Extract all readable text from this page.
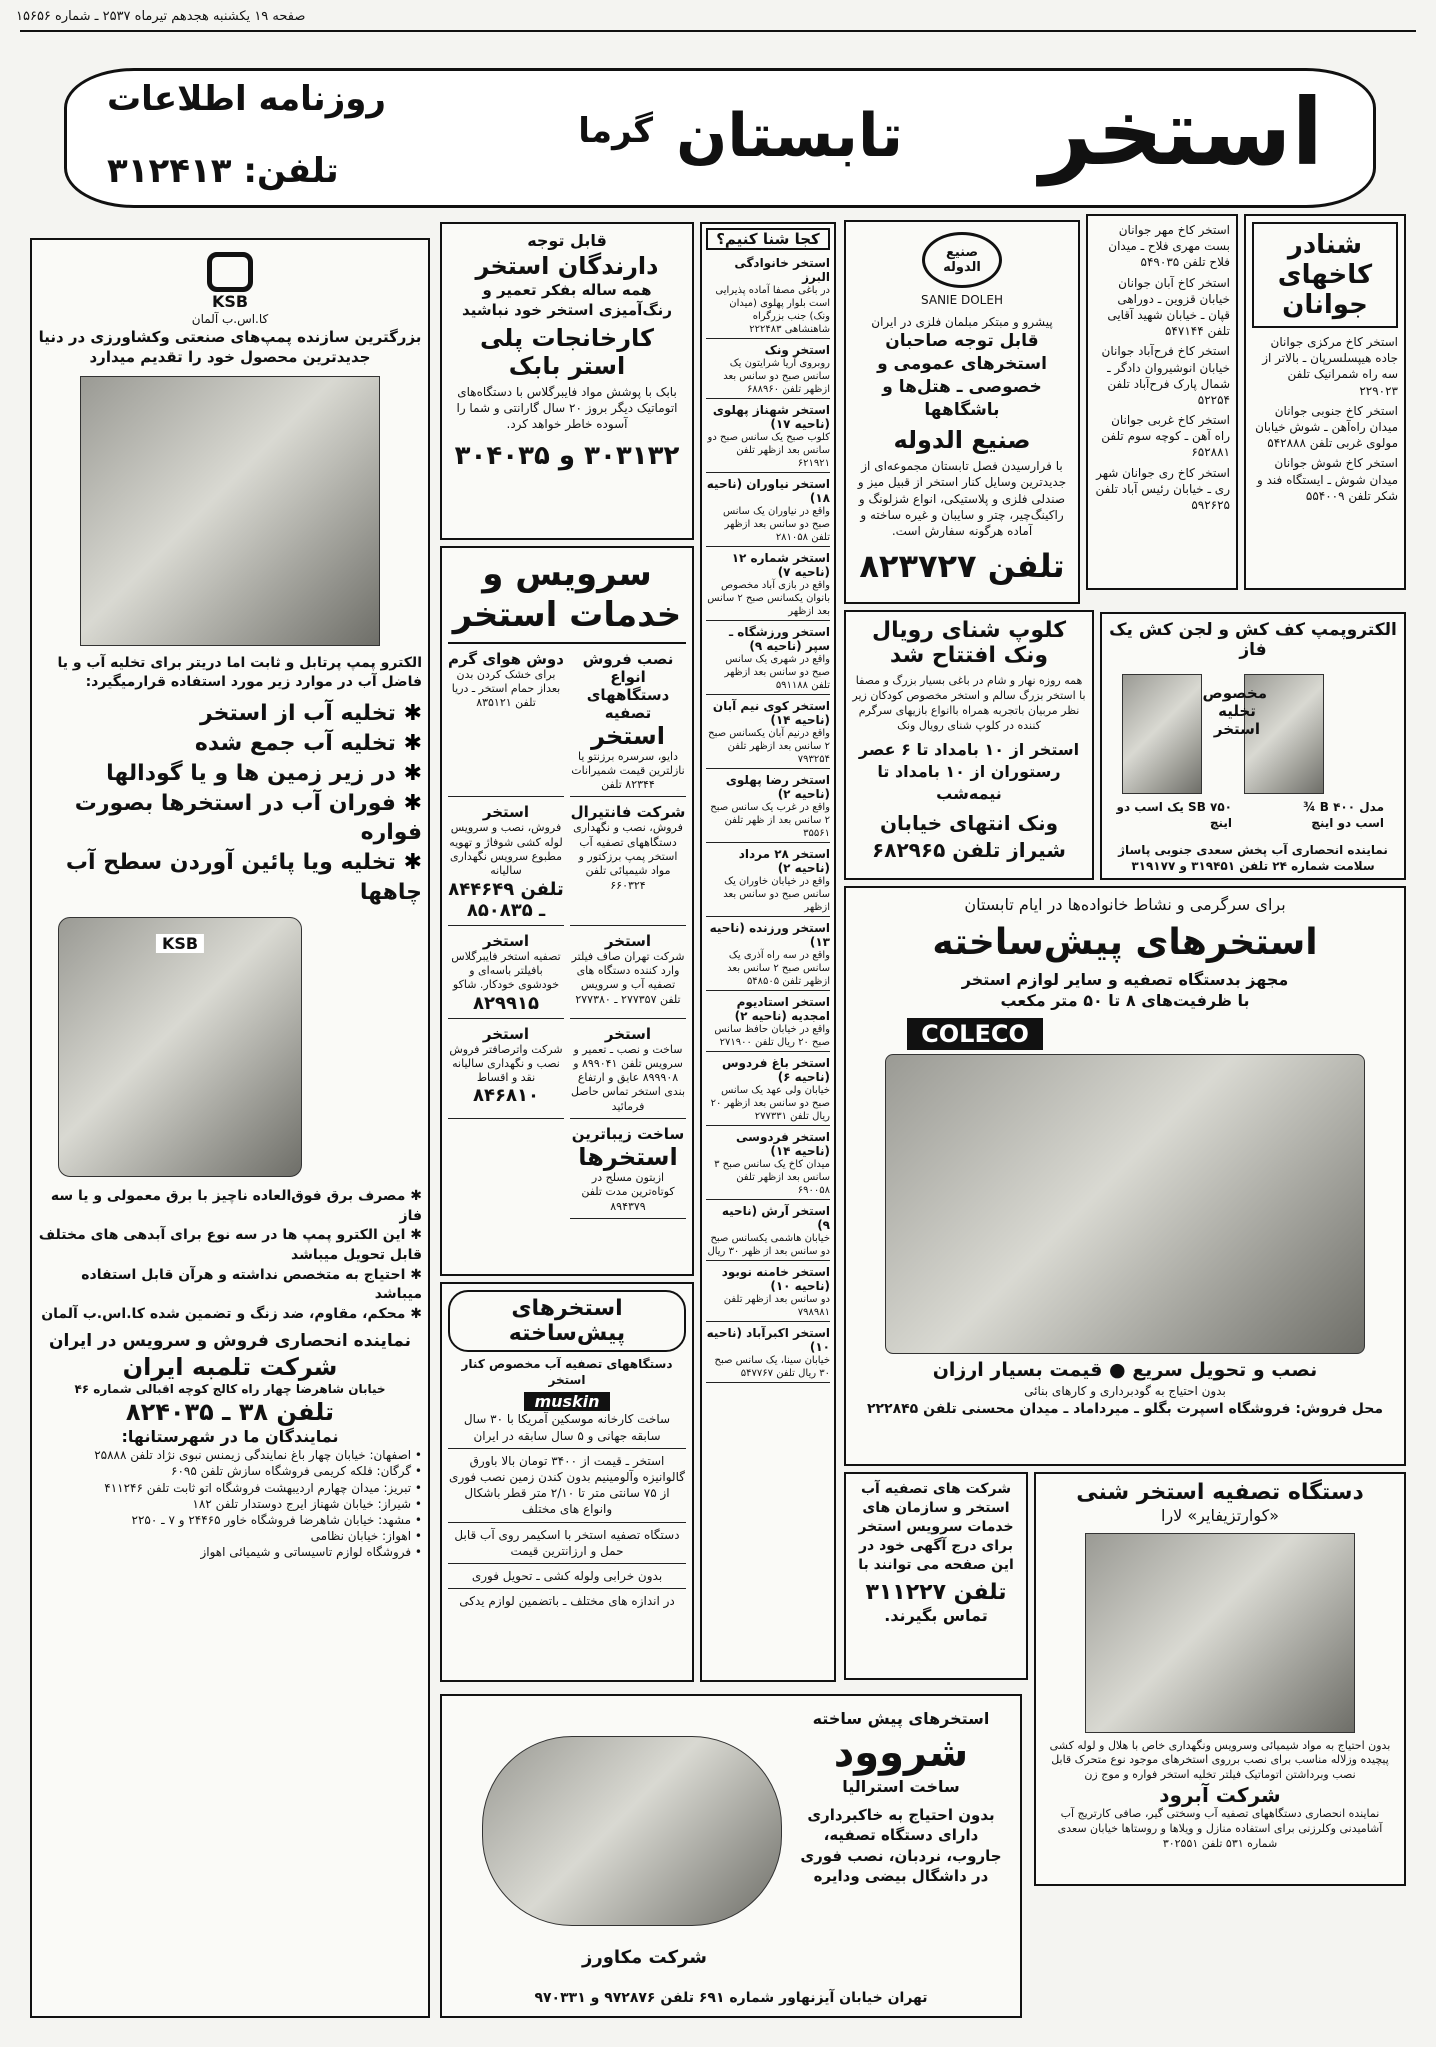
صفحه ۱۹ یکشنبه هجدهم تیرماه ۲۵۳۷ ـ شماره ۱۵۶۵۶
استخر
تابستان
گرما
روزنامه اطلاعات
تلفن: ۳۱۲۴۱۳
شنادر کاخهای جوانان
استخر کاخ مرکزی جوانان جاده هیپسلسرپان ـ بالاتر از سه راه شمرانیک تلفن ۲۲۹۰۲۳
استخر کاخ جنوبی جوانان میدان راه‌آهن ـ شوش خیابان مولوی غربی تلفن ۵۴۲۸۸۸
استخر کاخ شوش جوانان میدان شوش ـ ایستگاه فند و شکر تلفن ۵۵۴۰۰۹
استخر کاخ مهر جوانان بست مهری فلاح ـ میدان فلاح تلفن ۵۴۹۰۳۵
استخر کاخ آبان جوانان خیابان قزوین ـ دوراهی قپان ـ خیابان شهید آقایی تلفن ۵۴۷۱۴۴
استخر کاخ فرح‌آباد جوانان خیابان انوشیروان دادگر ـ شمال پارک فرح‌آباد تلفن ۵۲۲۵۴
استخر کاخ غربی جوانان راه آهن ـ کوچه سوم تلفن ۶۵۲۸۸۱
استخر کاخ ری جوانان شهر ری ـ خیابان رئیس آباد تلفن ۵۹۲۶۲۵
صنیع الدوله
SANIE DOLEH
پیشرو و مبتکر مبلمان فلزی در ایران
قابل توجه صاحبان استخرهای عمومی و خصوصی ـ هتل‌ها و باشگاهها
صنیع الدوله
با فرارسیدن فصل تابستان مجموعه‌ای از جدیدترین وسایل کنار استخر از قبیل میز و صندلی فلزی و پلاستیکی، انواع شزلونگ و راکینگ‌چیر، چتر و سایبان و غیره ساخته و آماده هرگونه سفارش است.
تلفن ۸۲۳۷۲۷
کلوپ شنای رویال ونک افتتاح شد
همه روزه نهار و شام در باغی بسیار بزرگ و مصفا با استخر بزرگ سالم و استخر مخصوص کودکان زیر نظر مربیان باتجربه همراه باانواع بازیهای سرگرم کننده در کلوپ شنای رویال ونک
استخر از ۱۰ بامداد تا ۶ عصر
رستوران از ۱۰ بامداد تا نیمه‌شب
ونک انتهای خیابان شیراز تلفن ۶۸۲۹۶۵
الکتروپمپ کف کش و لجن کش یک فاز
مخصوص تخلیه استخر
مدل ۴۰۰ B ¾ اسب دو اینچ
SB ۷۵۰ یک اسب دو اینچ
نماینده انحصاری آب پخش سعدی جنوبی پاساژ سلامت شماره ۲۴ تلفن ۳۱۹۴۵۱ و ۳۱۹۱۷۷
برای سرگرمی و نشاط خانواده‌ها در ایام تابستان
استخرهای پیش‌ساخته
مجهز بدستگاه تصفیه و سایر لوازم استخر
با ظرفیت‌های ۸ تا ۵۰ متر مکعب
COLECO
نصب و تحویل سریع ● قیمت بسیار ارزان
بدون احتیاج به گودبرداری و کارهای بنائی
محل فروش: فروشگاه اسپرت بگلو ـ میرداماد ـ میدان محسنی تلفن ۲۲۲۸۴۵
شرکت های تصفیه آب استخر و سازمان های خدمات سرویس استخر برای درج آگهی خود در این صفحه می توانند با
تلفن ۳۱۱۲۲۷
تماس بگیرند.
دستگاه تصفیه استخر شنی
«کوارتزیفایر» لارا
بدون احتیاج به مواد شیمیائی وسرویس ونگهداری خاص با هلال و لوله کشی پیچیده وزلاله مناسب برای نصب برروی استخرهای موجود نوع متحرک قابل نصب وبرداشتن اتوماتیک فیلتر تخلیه استخر فواره و موج زن
شرکت آبرود
نماینده انحصاری دستگاههای تصفیه آب وسختی گیر، صافی کارتریج آب آشامیدنی وکلرزنی برای استفاده منازل و ویلاها و روستاها خیابان سعدی شماره ۵۳۱ تلفن ۳۰۲۵۵۱
کجا شنا کنیم؟
استخر خانوادگی البرز
در باغی مصفا آماده پذیرایی است بلوار پهلوی (میدان ونک) جنب بزرگراه شاهنشاهی ۲۲۲۴۸۳
استخر ونک
روبروی آریا شرایتون یک سانس صبح دو سانس بعد ازظهر تلفن ۶۸۸۹۶۰
استخر شهناز پهلوی (ناحیه ۱۷)
کلوب صبح یک سانس صبح دو سانس بعد ازظهر تلفن ۶۲۱۹۲۱
استخر نیاوران (ناحیه ۱۸)
واقع در نیاوران یک سانس صبح دو سانس بعد ازظهر تلفن ۲۸۱۰۵۸
استخر شماره ۱۲ (ناحیه ۷)
واقع در بازی آباد مخصوص بانوان یکسانس صبح ۲ سانس بعد ازظهر
استخر ورزشگاه ـ سپر (ناحیه ۹)
واقع در شهری یک سانس صبح دو سانس بعد ازظهر تلفن ۵۹۱۱۸۸
استخر کوی نیم آبان (ناحیه ۱۴)
واقع درنیم آبان یکسانس صبح ۲ سانس بعد ازظهر تلفن ۷۹۳۲۵۴
استخر رضا پهلوی (ناحیه ۲)
واقع در غرب یک سانس صبح ۲ سانس بعد از ظهر تلفن ۳۵۵۶۱
استخر ۲۸ مرداد (ناحیه ۲)
واقع در خیابان خاوران یک سانس صبح دو سانس بعد ازظهر
استخر ورزنده (ناحیه ۱۳)
واقع در سه راه آذری یک سانس صبح ۲ سانس بعد ازظهر تلفن ۵۴۸۵۰۵
استخر استادیوم امجدیه (ناحیه ۲)
واقع در خیابان حافظ سانس صبح ۲۰ ریال تلفن ۲۷۱۹۰۰
استخر باغ فردوس (ناحیه ۶)
خیابان ولی عهد یک سانس صبح دو سانس بعد ازظهر ۲۰ ریال تلفن ۲۷۷۳۳۱
استخر فردوسی (ناحیه ۱۴)
میدان کاخ یک سانس صبح ۳ سانس بعد ازظهر تلفن ۶۹۰۰۵۸
استخر آرش (ناحیه ۹)
خیابان هاشمی یکسانس صبح دو سانس بعد از ظهر ۳۰ ریال
استخر خامنه نوبود (ناحیه ۱۰)
دو سانس بعد ازظهر تلفن ۷۹۸۹۸۱
استخر اکبرآباد (ناحیه ۱۰)
خیابان سینا، یک سانس صبح ۳۰ ریال تلفن ۵۴۷۷۶۷
قابل توجه
دارندگان استخر
همه ساله بفکر تعمیر و رنگ‌آمیزی استخر خود نباشید
کارخانجات پلی استر بابک
بابک با پوشش مواد فایبرگلاس با دستگاه‌های اتوماتیک دیگر بروز ۲۰ سال گارانتی و شما را آسوده خاطر خواهد کرد.
۳۰۳۱۳۲ و ۳۰۴۰۳۵
سرویس و خدمات استخر
نصب فروش انواع دستگاههای تصفیه
استخر
دایو، سرسره برزنتو یا نازلترین قیمت شمیرانات ۸۲۳۴۴ تلفن
دوش هوای گرم
برای خشک کردن بدن بعداز حمام استخر ـ دریا تلفن ۸۳۵۱۲۱
شرکت فانتیرال
فروش، نصب و نگهداری دستگاههای تصفیه آب استخر پمپ برزکتور و مواد شیمیائی تلفن ۶۶۰۳۲۴
استخر
فروش، نصب و سرویس لوله کشی شوفاژ و تهویه مطبوع سرویس نگهداری سالیانه
تلفن ۸۴۴۶۴۹ ـ ۸۵۰۸۳۵
استخر
شرکت تهران صاف فیلتر وارد کننده دستگاه های تصفیه آب و سرویس تلفن ۲۷۷۳۵۷ ـ ۲۷۷۳۸۰
استخر
تصفیه استخر فایبرگلاس بافیلتر باسه‌ای و خودشوی خودکار. شاکو
۸۲۹۹۱۵
استخر
ساخت و نصب ـ تعمیر و سرویس تلفن ۸۹۹۰۴۱ و ۸۹۹۹۰۸ عایق و ارتفاع بندی استخر تماس حاصل فرمائید
استخر
شرکت واترصافتر فروش نصب و نگهداری سالیانه نقد و اقساط
۸۴۶۸۱۰
ساخت زیباترین
استخرها
ازبتون مسلح در کوتاه‌ترین مدت تلفن ۸۹۴۳۷۹
استخرهای پیش‌ساخته
دستگاههای تصفیه آب مخصوص کنار استخر
muskin
ساخت کارخانه موسکین آمریکا با ۳۰ سال سابقه جهانی و ۵ سال سابقه در ایران
استخر ـ قیمت از ۳۴۰۰ تومان بالا باورق گالوانیزه وآلومینیم بدون کندن زمین نصب فوری از ۷۵ سانتی متر تا ۲/۱۰ متر قطر باشکال وانواع های مختلف
دستگاه تصفیه استخر با اسکیمر روی آب قابل حمل و ارزانترین قیمت
بدون خرابی ولوله کشی ـ تحویل فوری
در اندازه های مختلف ـ باتضمین لوازم یدکی
استخرهای پیش ساخته
شروود
ساخت استرالیا
بدون احتیاج به خاکبرداری دارای دستگاه تصفیه، جاروب، نردبان، نصب فوری در داشگال بیضی ودایره
شرکت مکاورز
تهران خیابان آیزنهاور شماره ۶۹۱ تلفن ۹۷۲۸۷۶ و ۹۷۰۳۳۱
KSB
کا.اس.ب آلمان
بزرگترین سازنده پمپ‌های صنعتی وکشاورزی در دنیا جدیدترین محصول خود را تقدیم میدارد
الکترو پمپ پرتابل و ثابت اما دریتر برای تخلیه آب و یا فاضل آب در موارد زیر مورد استفاده قرارمیگیرد:
✱ تخلیه آب از استخر
✱ تخلیه آب جمع شده
✱ در زیر زمین ها و یا گودالها
✱ فوران آب در استخرها بصورت فواره
✱ تخلیه ویا پائین آوردن سطح آب چاهها
KSB
✱ مصرف برق فوق‌العاده ناچیز با برق معمولی و یا سه فاز
✱ این الکترو پمپ ها در سه نوع برای آبدهی های مختلف قابل تحویل میباشد
✱ احتیاج به متخصص نداشته و هرآن قابل استفاده میباشد
✱ محکم، مقاوم، ضد زنگ و تضمین شده کا.اس.ب آلمان
نماینده انحصاری فروش و سرویس در ایران
شرکت تلمبه ایران
خیابان شاهرضا چهار راه کالج کوچه اقبالی شماره ۴۶
تلفن ۳۸ ـ ۸۲۴۰۳۵
نمایندگان ما در شهرستانها:
• اصفهان: خیابان چهار باغ نمایندگی زیمنس نبوی نژاد تلفن ۲۵۸۸۸
• گرگان: فلکه کریمی فروشگاه سازش تلفن ۶۰۹۵
• تبریز: میدان چهارم اردیبهشت فروشگاه اتو ثابت تلفن ۴۱۱۲۴۶
• شیراز: خیابان شهناز ایرج دوستدار تلفن ۱۸۲
• مشهد: خیابان شاهرضا فروشگاه خاور ۲۴۴۶۵ و ۷ ـ ۲۲۵۰
• اهواز: خیابان نظامی
• فروشگاه لوازم تاسیساتی و شیمیائی اهواز
